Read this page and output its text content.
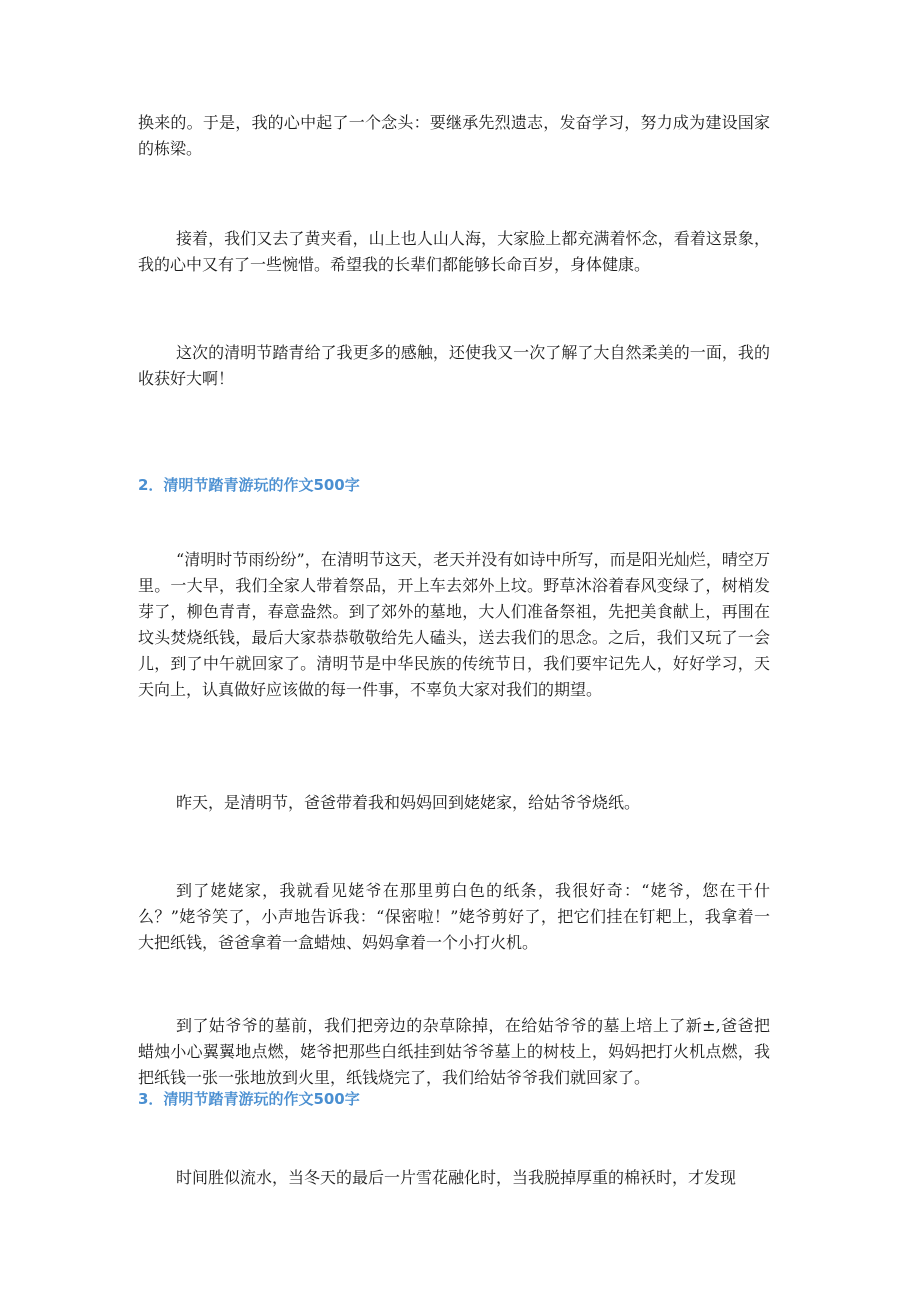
换来的。于是，我的心中起了一个念头：要继承先烈遗志，发奋学习，努力成为建设国家的栋梁。

接着，我们又去了黄夹看，山上也人山人海，大家脸上都充满着怀念，看着这景象，我的心中又有了一些惋惜。希望我的长辈们都能够长命百岁，身体健康。

这次的清明节踏青给了我更多的感触，还使我又一次了解了大自然柔美的一面，我的收获好大啊！

2．清明节踏青游玩的作文500字

“清明时节雨纷纷”，在清明节这天，老天并没有如诗中所写，而是阳光灿烂，晴空万里。一大早，我们全家人带着祭品，开上车去郊外上坟。野草沐浴着春风变绿了，树梢发芽了，柳色青青，春意盎然。到了郊外的墓地，大人们准备祭祖，先把美食献上，再围在坟头焚烧纸钱，最后大家恭恭敬敬给先人磕头，送去我们的思念。之后，我们又玩了一会儿，到了中午就回家了。清明节是中华民族的传统节日，我们要牢记先人，好好学习，天天向上，认真做好应该做的每一件事，不辜负大家对我们的期望。

昨天，是清明节，爸爸带着我和妈妈回到姥姥家，给姑爷爷烧纸。

到了姥姥家，我就看见姥爷在那里剪白色的纸条，我很好奇：“姥爷，您在干什么？”姥爷笑了，小声地告诉我：“保密啦！”姥爷剪好了，把它们挂在钉耙上，我拿着一大把纸钱，爸爸拿着一盒蜡烛、妈妈拿着一个小打火机。

到了姑爷爷的墓前，我们把旁边的杂草除掉，在给姑爷爷的墓上培上了新±,爸爸把蜡烛小心翼翼地点燃，姥爷把那些白纸挂到姑爷爷墓上的树枝上，妈妈把打火机点燃，我把纸钱一张一张地放到火里，纸钱烧完了，我们给姑爷爷我们就回家了。

3．清明节踏青游玩的作文500字

时间胜似流水，当冬天的最后一片雪花融化时，当我脱掉厚重的棉袄时，才发现
